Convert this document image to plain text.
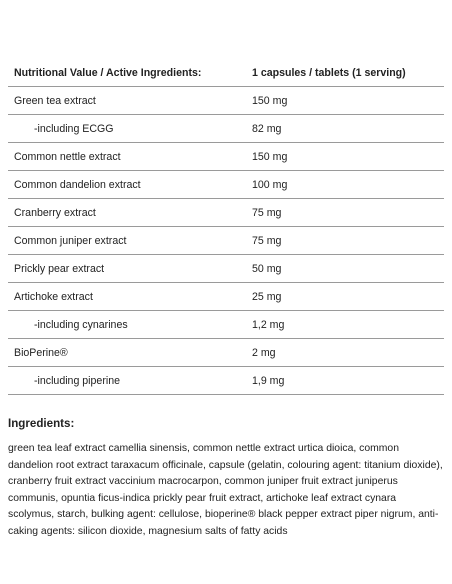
Nutritional Value / Active Ingredients:	1 capsules / tablets (1 serving)
Green tea extract	150 mg
-including ECGG	82 mg
Common nettle extract	150 mg
Common dandelion extract	100 mg
Cranberry extract	75 mg
Common juniper extract	75 mg
Prickly pear extract	50 mg
Artichoke extract	25 mg
-including cynarines	1,2 mg
BioPerine®	2 mg
-including piperine	1,9 mg
Ingredients:
green tea leaf extract camellia sinensis, common nettle extract urtica dioica, common dandelion root extract taraxacum officinale, capsule (gelatin, colouring agent: titanium dioxide), cranberry fruit extract vaccinium macrocarpon, common juniper fruit extract juniperus communis, opuntia ficus-indica prickly pear fruit extract, artichoke leaf extract cynara scolymus, starch, bulking agent: cellulose, bioperine® black pepper extract piper nigrum, anti-caking agents: silicon dioxide, magnesium salts of fatty acids
